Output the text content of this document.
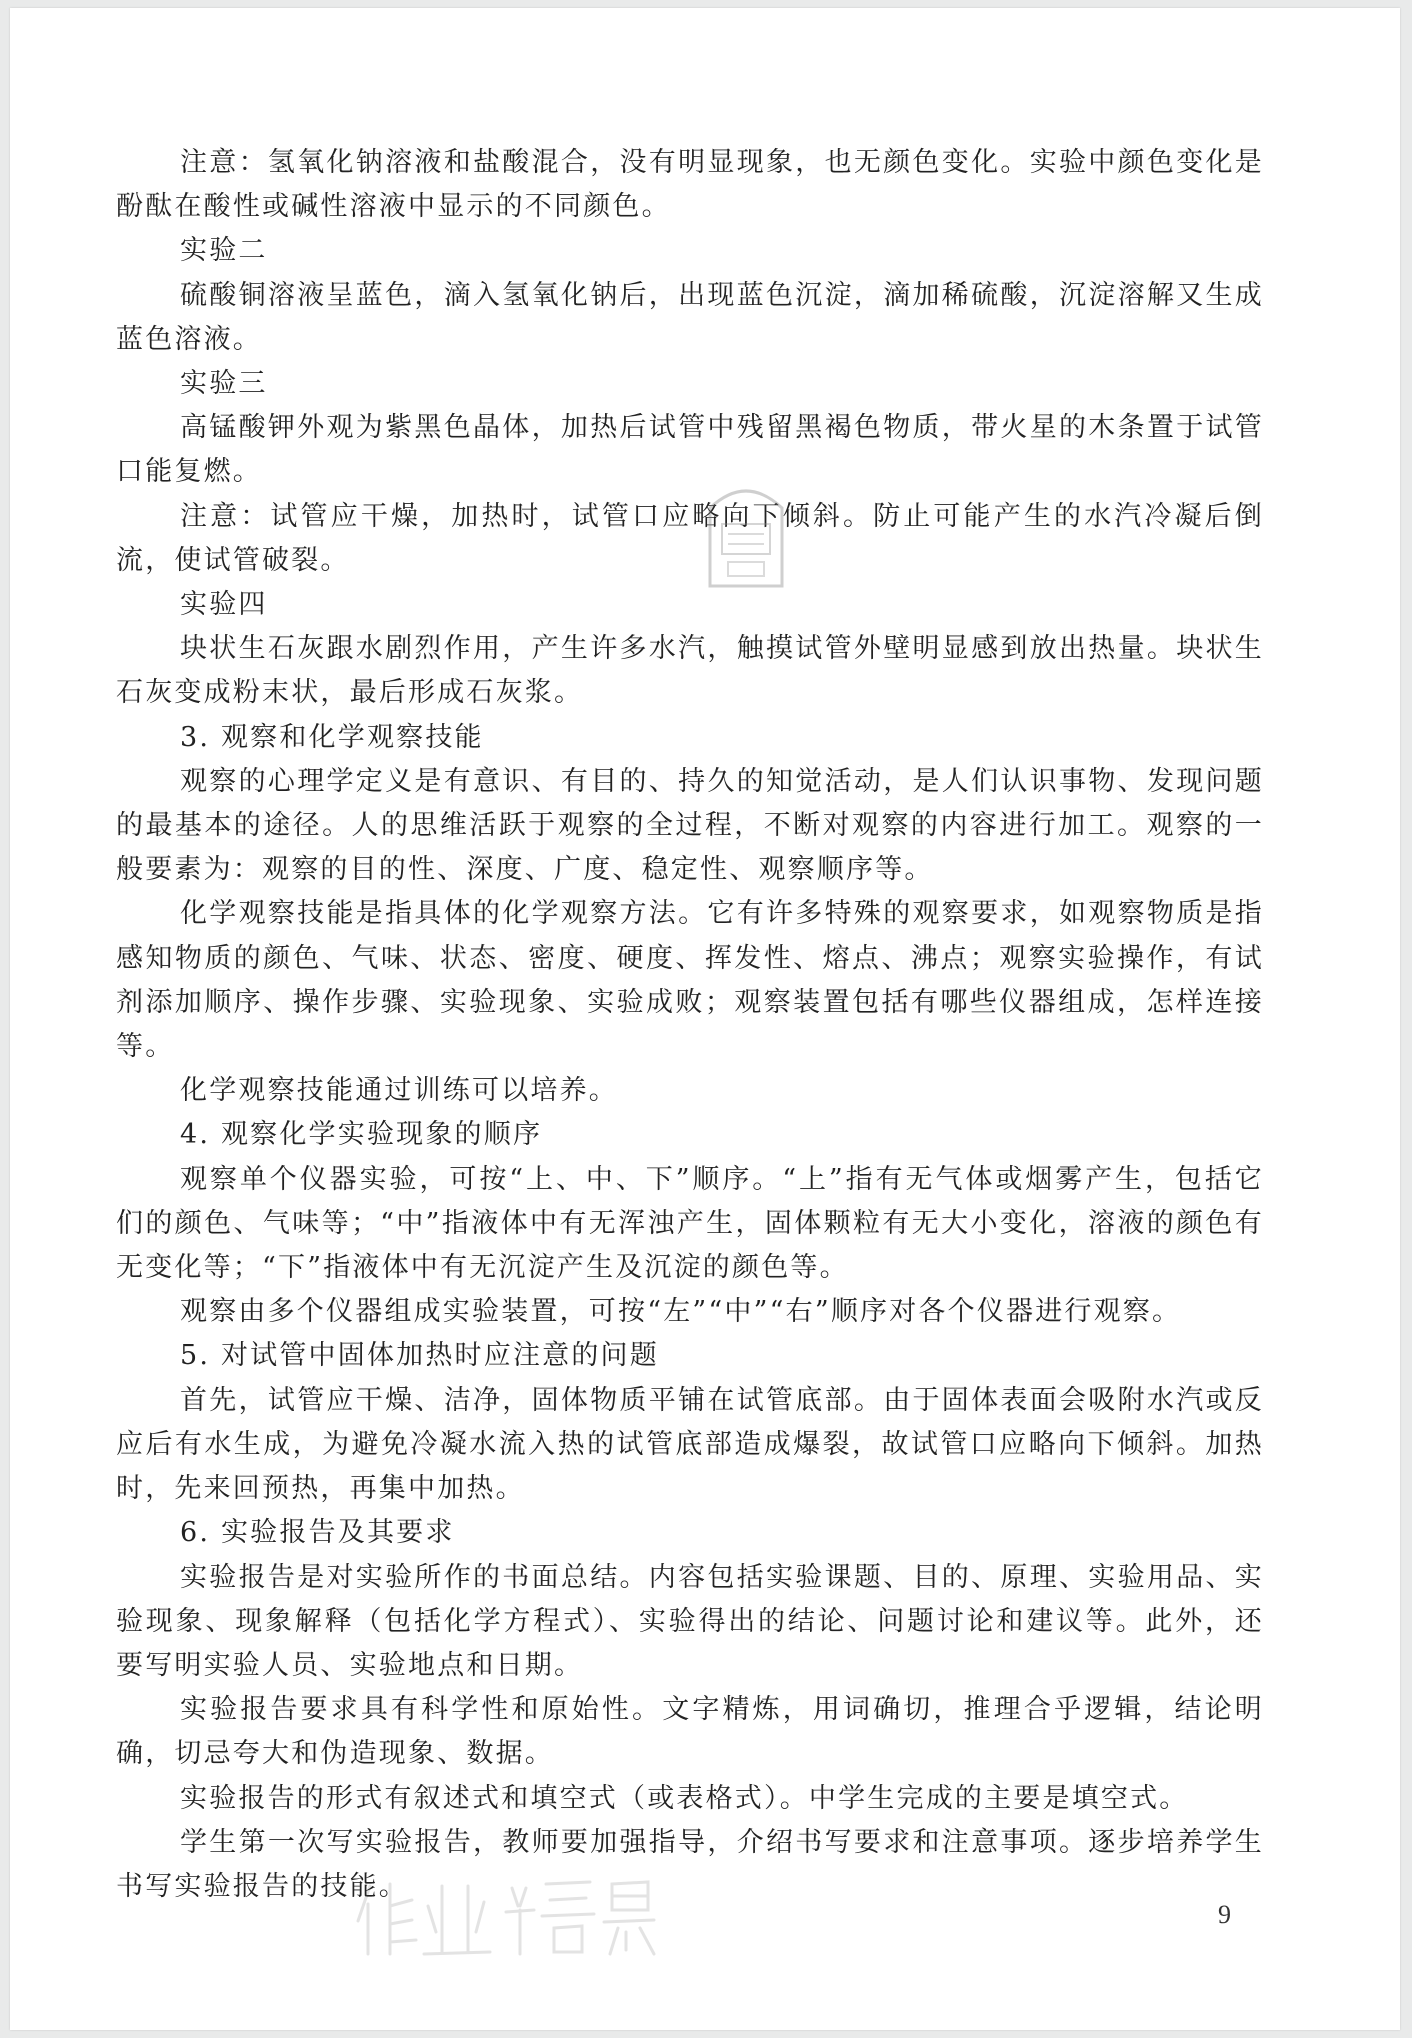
注意：氢氧化钠溶液和盐酸混合，没有明显现象，也无颜色变化。实验中颜色变化是酚酞在酸性或碱性溶液中显示的不同颜色。

实验二

硫酸铜溶液呈蓝色，滴入氢氧化钠后，出现蓝色沉淀，滴加稀硫酸，沉淀溶解又生成蓝色溶液。

实验三

高锰酸钾外观为紫黑色晶体，加热后试管中残留黑褐色物质，带火星的木条置于试管口能复燃。

注意：试管应干燥，加热时，试管口应略向下倾斜。防止可能产生的水汽冷凝后倒流，使试管破裂。

实验四

块状生石灰跟水剧烈作用，产生许多水汽，触摸试管外壁明显感到放出热量。块状生石灰变成粉末状，最后形成石灰浆。

3. 观察和化学观察技能

观察的心理学定义是有意识、有目的、持久的知觉活动，是人们认识事物、发现问题的最基本的途径。人的思维活跃于观察的全过程，不断对观察的内容进行加工。观察的一般要素为：观察的目的性、深度、广度、稳定性、观察顺序等。

化学观察技能是指具体的化学观察方法。它有许多特殊的观察要求，如观察物质是指感知物质的颜色、气味、状态、密度、硬度、挥发性、熔点、沸点；观察实验操作，有试剂添加顺序、操作步骤、实验现象、实验成败；观察装置包括有哪些仪器组成，怎样连接等。

化学观察技能通过训练可以培养。

4. 观察化学实验现象的顺序

观察单个仪器实验，可按“上、中、下”顺序。“上”指有无气体或烟雾产生，包括它们的颜色、气味等；“中”指液体中有无浑浊产生，固体颗粒有无大小变化，溶液的颜色有无变化等；“下”指液体中有无沉淀产生及沉淀的颜色等。

观察由多个仪器组成实验装置，可按“左”“中”“右”顺序对各个仪器进行观察。

5. 对试管中固体加热时应注意的问题

首先，试管应干燥、洁净，固体物质平铺在试管底部。由于固体表面会吸附水汽或反应后有水生成，为避免冷凝水流入热的试管底部造成爆裂，故试管口应略向下倾斜。加热时，先来回预热，再集中加热。

6. 实验报告及其要求

实验报告是对实验所作的书面总结。内容包括实验课题、目的、原理、实验用品、实验现象、现象解释（包括化学方程式）、实验得出的结论、问题讨论和建议等。此外，还要写明实验人员、实验地点和日期。

实验报告要求具有科学性和原始性。文字精炼，用词确切，推理合乎逻辑，结论明确，切忌夸大和伪造现象、数据。

实验报告的形式有叙述式和填空式（或表格式）。中学生完成的主要是填空式。

学生第一次写实验报告，教师要加强指导，介绍书写要求和注意事项。逐步培养学生书写实验报告的技能。

9
